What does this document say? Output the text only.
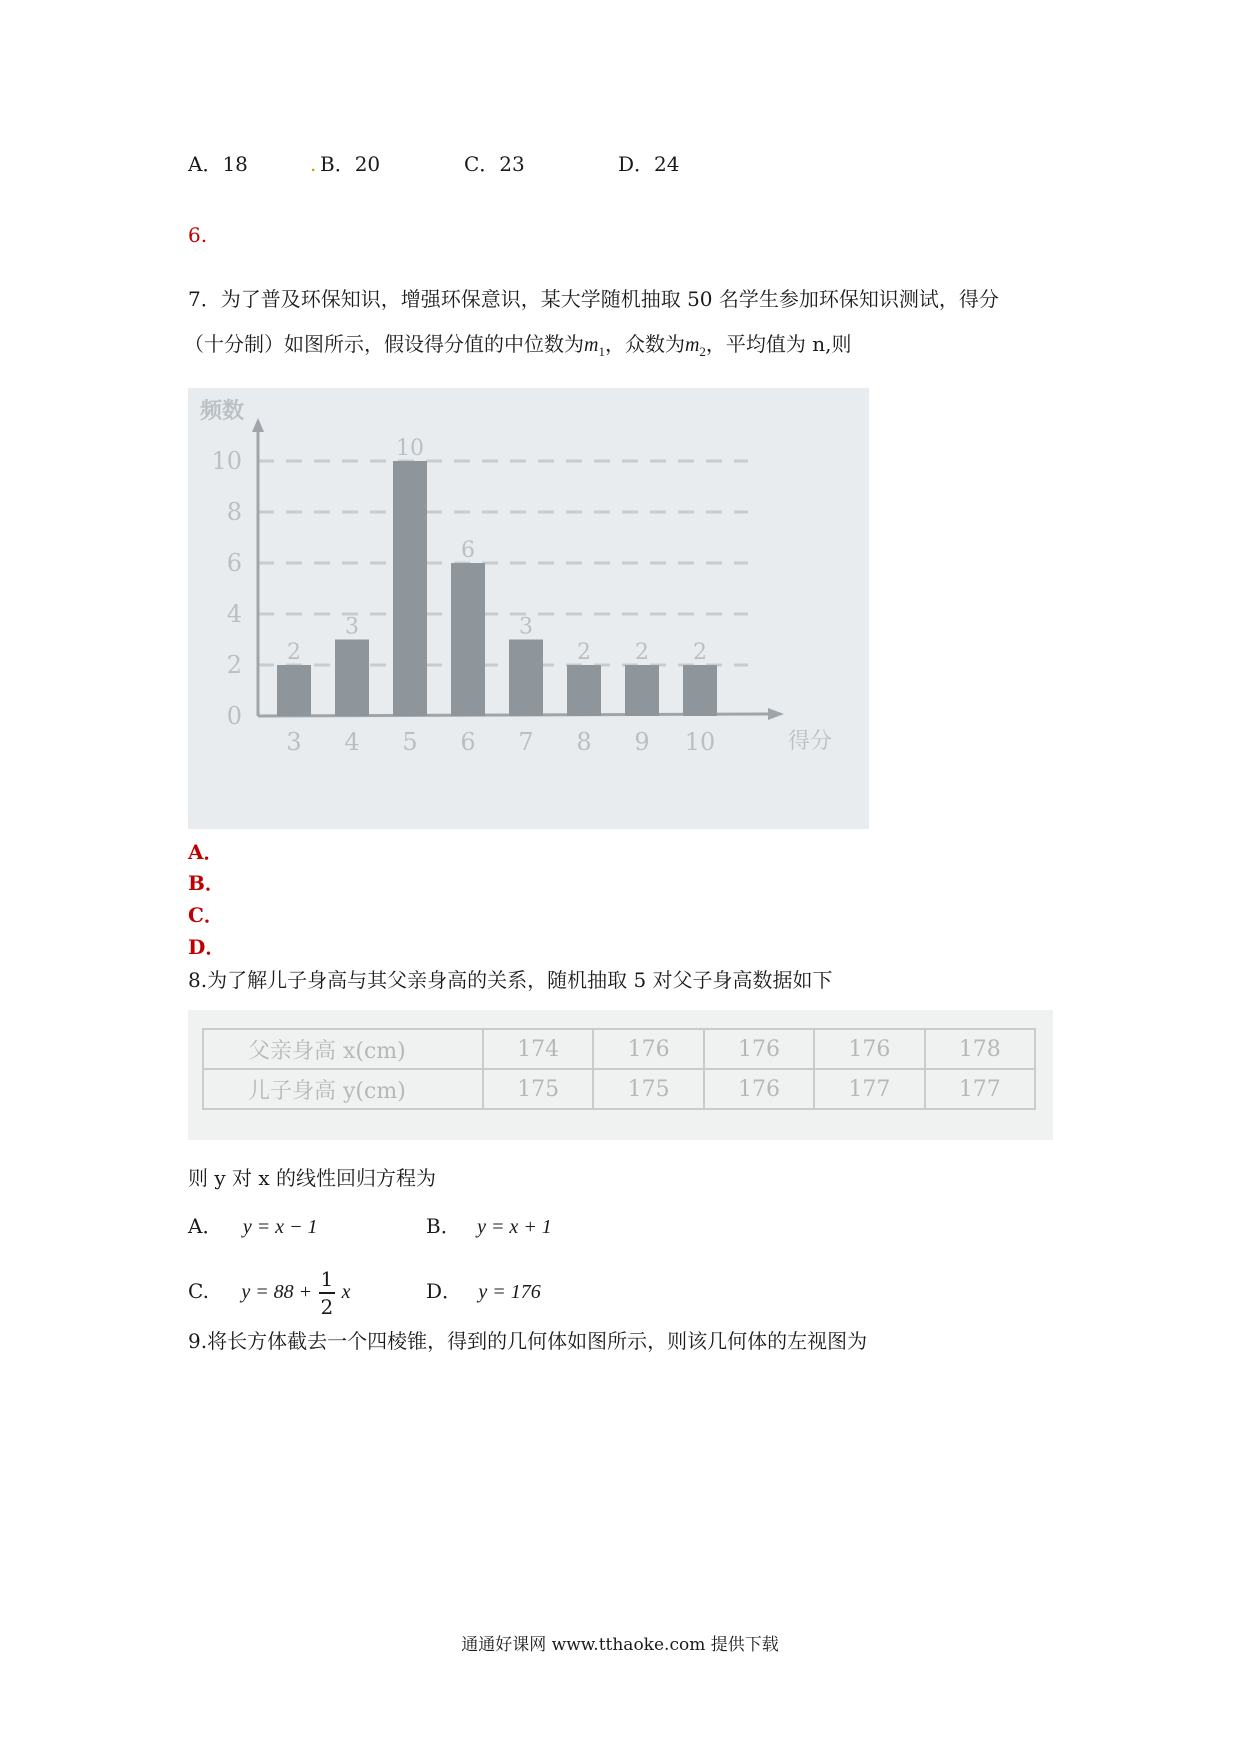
A．18	. B．20	C．23	D．24
6.
7．为了普及环保知识，增强环保意识，某大学随机抽取 50 名学生参加环保知识测试，得分
（十分制）如图所示，假设得分值的中位数为$m_1$，众数为$m_2$，平均值为 n,则
频数
0
2
4
6
8
10
得分
2
3
3
4
10
5
6
6
3
7
2
8
2
9
2
10
A．
B．
C．
D．
8.为了解儿子身高与其父亲身高的关系，随机抽取 5 对父子身高数据如下
父亲身高 x(cm)	174	176	176	176	178
儿子身高 y(cm)	175	175	176	177	177
则 y 对 x 的线性回归方程为
A． y = x − 1	B． y = x + 1
C. $y = 88 + \frac{1}{2}$ x	D． y = 176
9.将长方体截去一个四棱锥，得到的几何体如图所示，则该几何体的左视图为
通通好课网 www.tthaoke.com 提供下载
